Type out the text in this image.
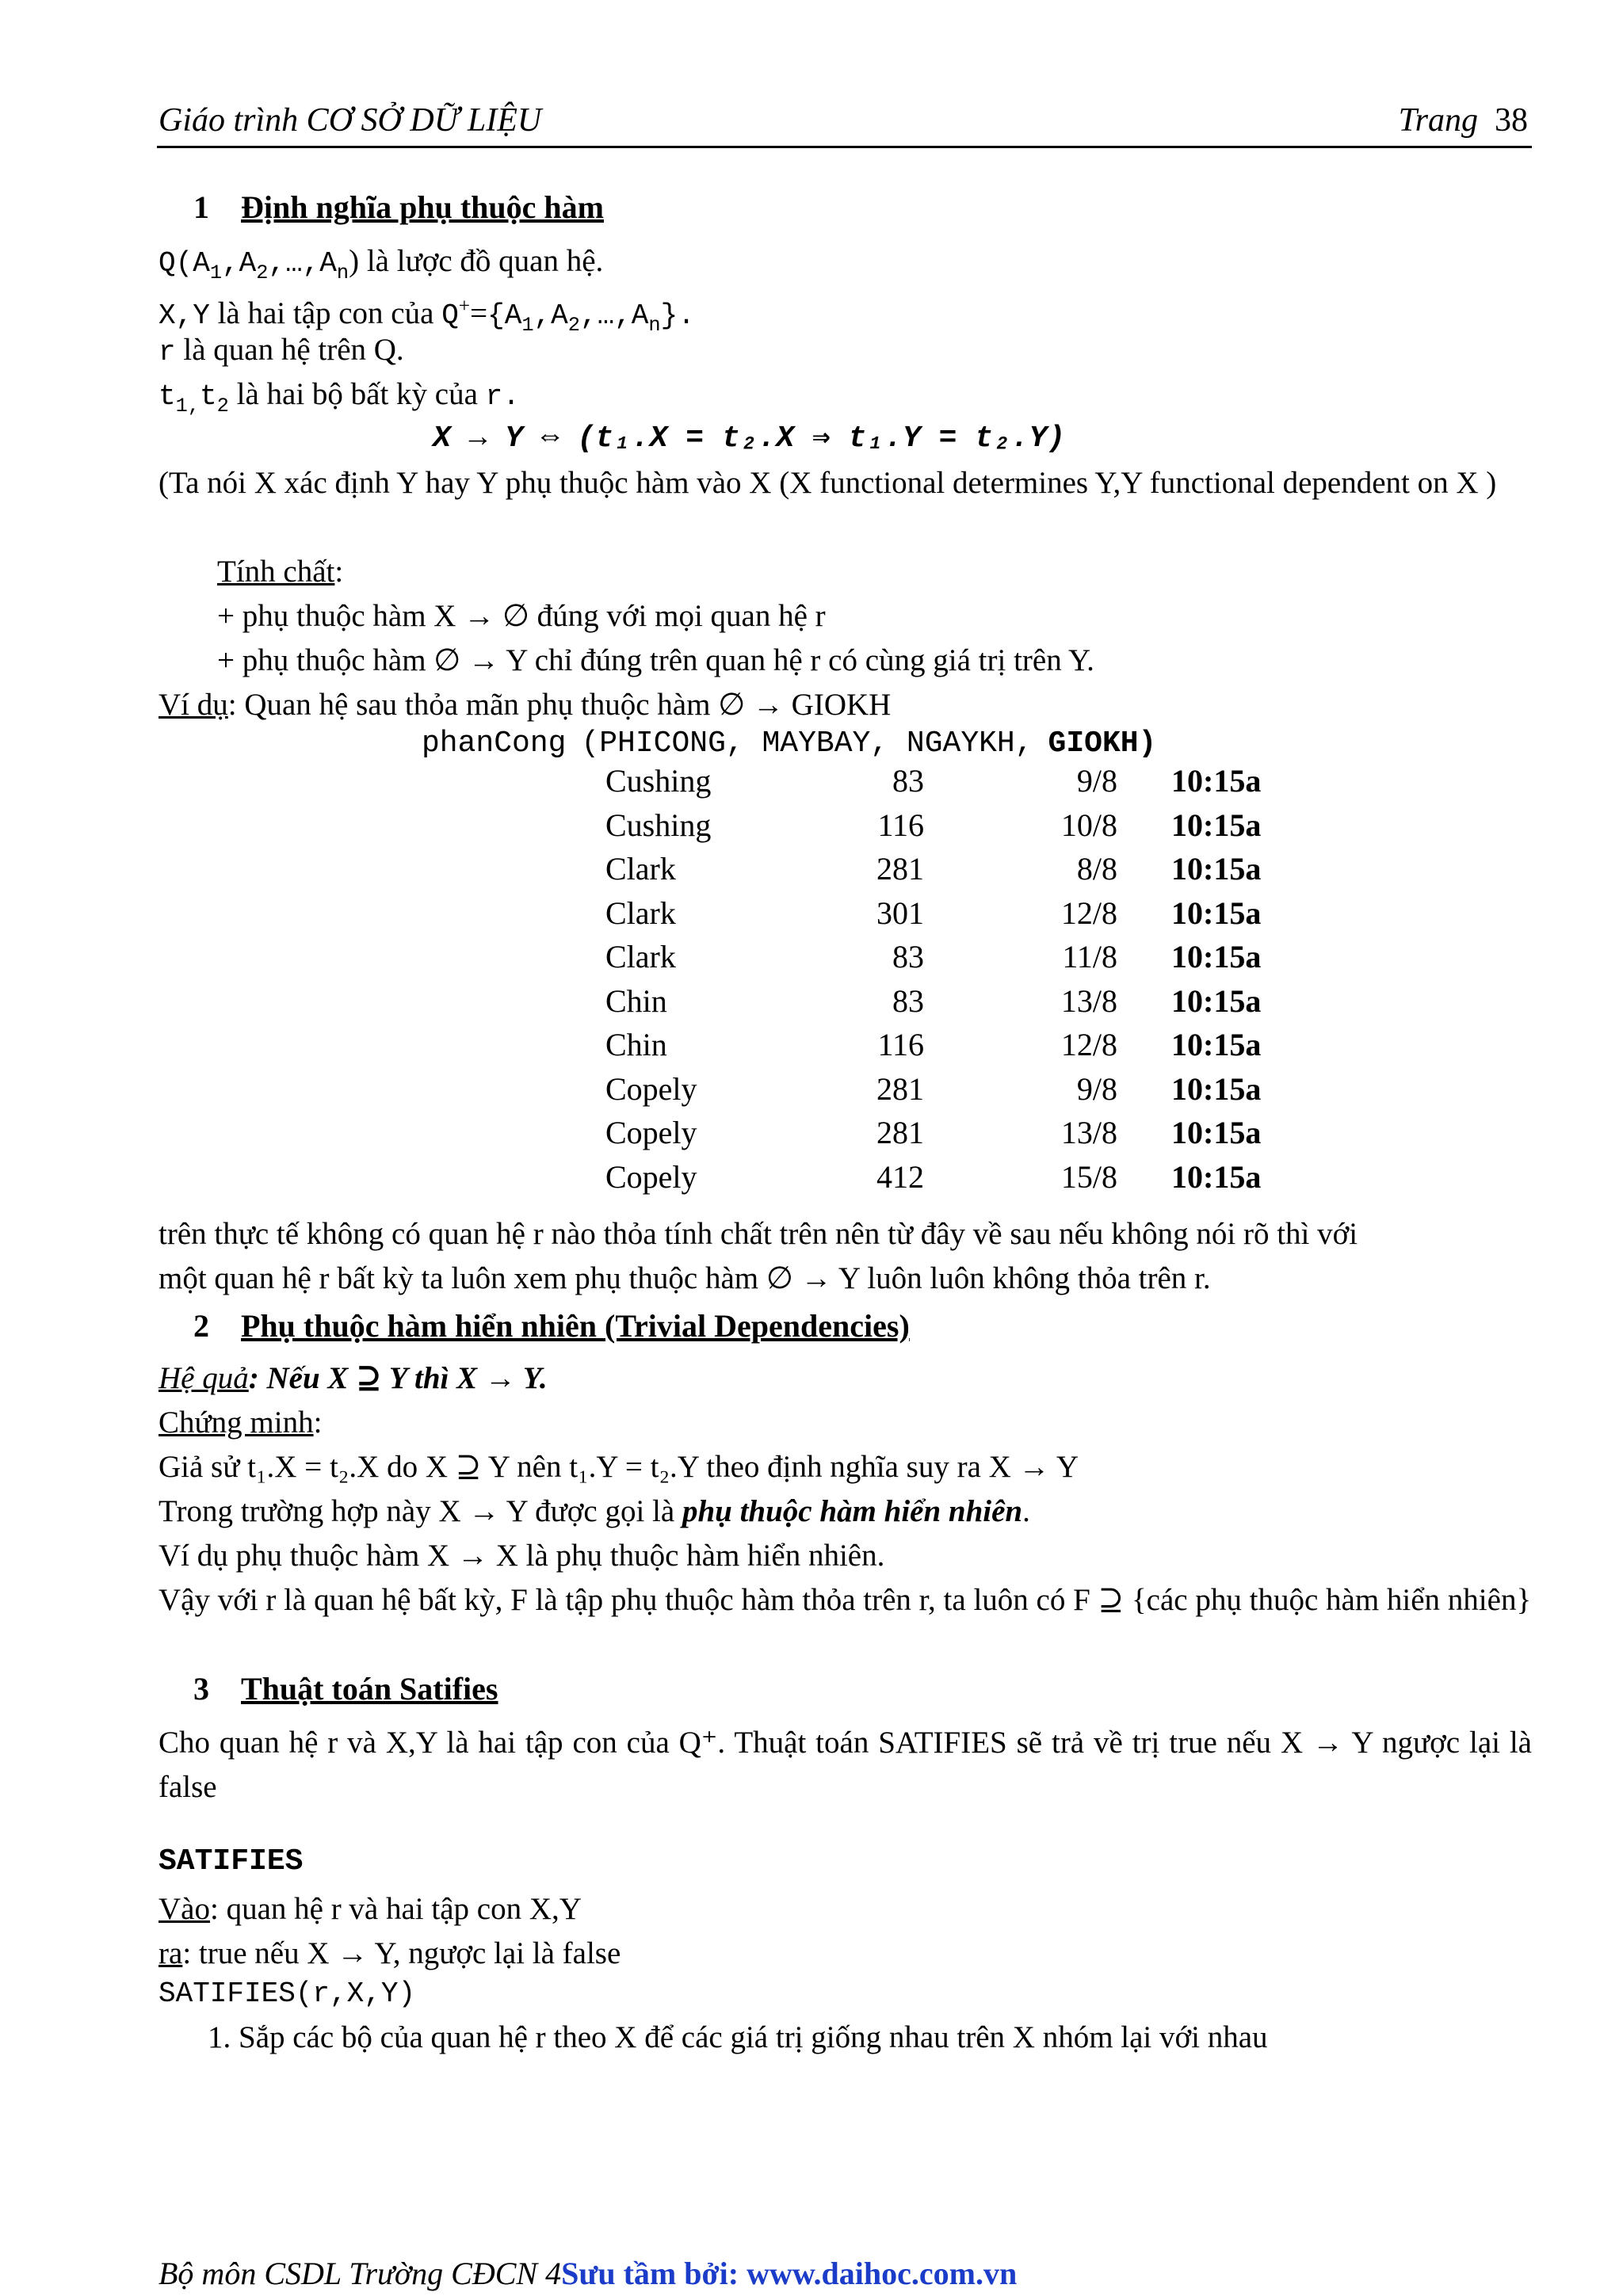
Giáo trình CƠ SỞ DỮ LIỆU	Trang 38
1 Định nghĩa phụ thuộc hàm
$Q(A_1,A_2,\dots,A_n)$ là lược đồ quan hệ.
X,Y là hai tập con của $Q^+=\{A_1,A_2,\dots,A_n\}$.
r là quan hệ trên Q.
$t_{1,}t_2$ là hai bộ bất kỳ của r.
X → Y ⇔ (t₁.X = t₂.X ⇒ t₁.Y = t₂.Y)
(Ta nói X xác định Y hay Y phụ thuộc hàm vào X (X functional determines Y,Y functional dependent on X )
Tính chất:
+ phụ thuộc hàm X → ∅ đúng với mọi quan hệ r
+ phụ thuộc hàm ∅ → Y chỉ đúng trên quan hệ r có cùng giá trị trên Y.
Ví dụ: Quan hệ sau thỏa mãn phụ thuộc hàm ∅ → GIOKH
phanCong (PHICONG, MAYBAY, NGAYKH, GIOKH)
Cushing	83	9/8 10:15a
Cushing	116	10/8 10:15a
Clark	281	8/8 10:15a
Clark	301	12/8 10:15a
Clark	83	11/8 10:15a
Chin	83	13/8 10:15a
Chin	116	12/8 10:15a
Copely	281	9/8 10:15a
Copely	281	13/8 10:15a
Copely	412	15/8 10:15a
trên thực tế không có quan hệ r nào thỏa tính chất trên nên từ đây về sau nếu không nói rõ thì với
một quan hệ r bất kỳ ta luôn xem phụ thuộc hàm ∅ → Y luôn luôn không thỏa trên r.
2 Phụ thuộc hàm hiển nhiên (Trivial Dependencies)
Hệ quả: Nếu X ⊇ Y thì X → Y.
Chứng minh:
Giả sử t₁.X = t₂.X do X ⊇ Y nên t₁.Y = t₂.Y theo định nghĩa suy ra X → Y
Trong trường hợp này X → Y được gọi là phụ thuộc hàm hiển nhiên.
Ví dụ phụ thuộc hàm X → X là phụ thuộc hàm hiển nhiên.
Vậy với r là quan hệ bất kỳ, F là tập phụ thuộc hàm thỏa trên r, ta luôn có F ⊇ {các phụ thuộc hàm hiển nhiên}
3 Thuật toán Satifies
Cho quan hệ r và X,Y là hai tập con của Q⁺. Thuật toán SATIFIES sẽ trả về trị true nếu X → Y ngược lại là false
SATIFIES
Vào: quan hệ r và hai tập con X,Y
ra: true nếu X → Y, ngược lại là false
SATIFIES(r,X,Y)
1. Sắp các bộ của quan hệ r theo X để các giá trị giống nhau trên X nhóm lại với nhau
Bộ môn CSDL Trường CĐCN 4Sưu tầm bởi: www.daihoc.com.vn
